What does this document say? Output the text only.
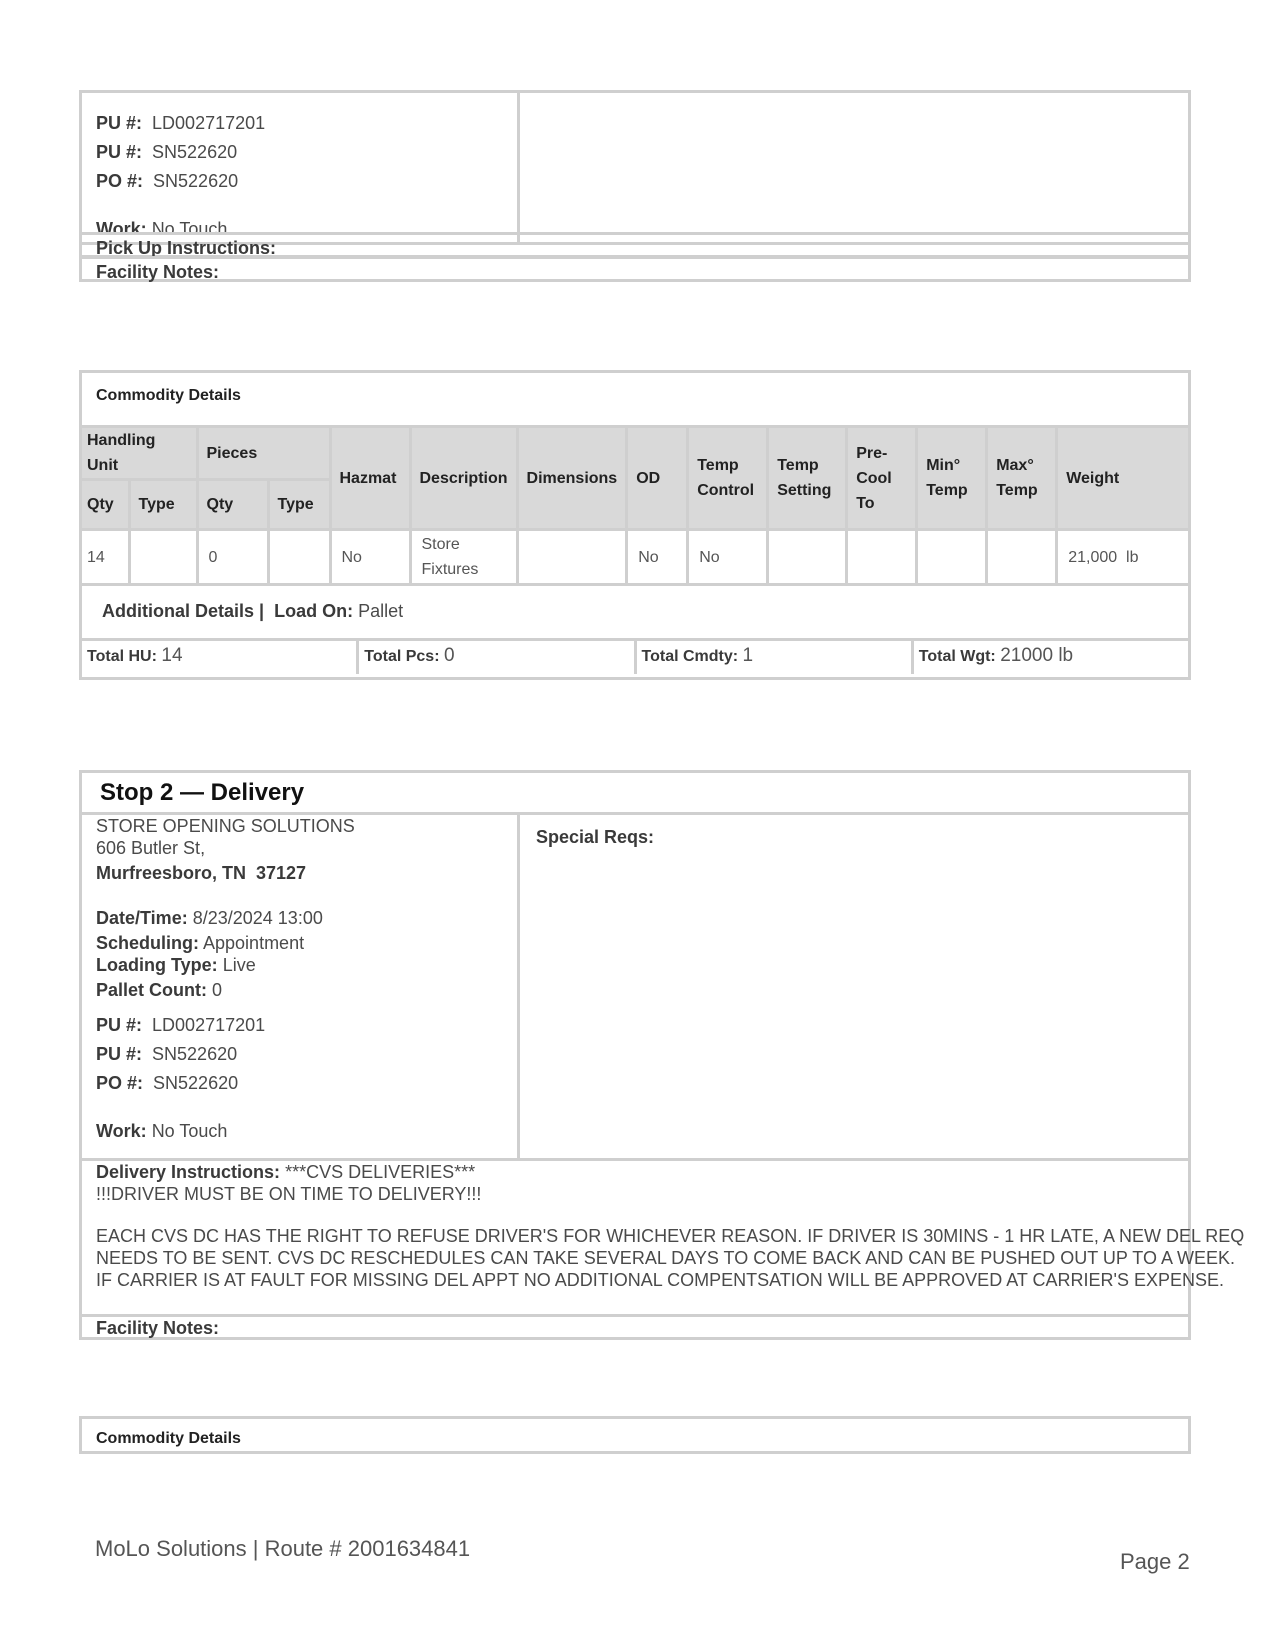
PU #: LD002717201
PU #: SN522620
PO #: SN522620
Work: No Touch
Pick Up Instructions:
Facility Notes:
Commodity Details
Handling Unit		Pieces		Hazmat	Description	Dimensions	OD	Temp Control	Temp Setting	Pre-Cool To	Min° Temp	Max° Temp	Weight
Qty	Type	Qty	Type										
14		0		No	Store Fixtures		No	No					21,000  lb
Additional Details | Load On: Pallet
Total HU: 14	Total Pcs: 0	Total Cmdty: 1	Total Wgt: 21000 lb
Stop 2 — Delivery
STORE OPENING SOLUTIONS
606 Butler St,
Murfreesboro, TN  37127
Date/Time: 8/23/2024 13:00
Scheduling: Appointment
Loading Type: Live
Pallet Count: 0
PU #: LD002717201
PU #: SN522620
PO #: SN522620
Work: No Touch
Special Reqs:
Delivery Instructions: ***CVS DELIVERIES***
!!!DRIVER MUST BE ON TIME TO DELIVERY!!!
EACH CVS DC HAS THE RIGHT TO REFUSE DRIVER'S FOR WHICHEVER REASON. IF DRIVER IS 30MINS - 1 HR LATE, A NEW DEL REQ
NEEDS TO BE SENT. CVS DC RESCHEDULES CAN TAKE SEVERAL DAYS TO COME BACK AND CAN BE PUSHED OUT UP TO A WEEK.
IF CARRIER IS AT FAULT FOR MISSING DEL APPT NO ADDITIONAL COMPENTSATION WILL BE APPROVED AT CARRIER'S EXPENSE.
Facility Notes:
Commodity Details
MoLo Solutions | Route # 2001634841
Page 2
